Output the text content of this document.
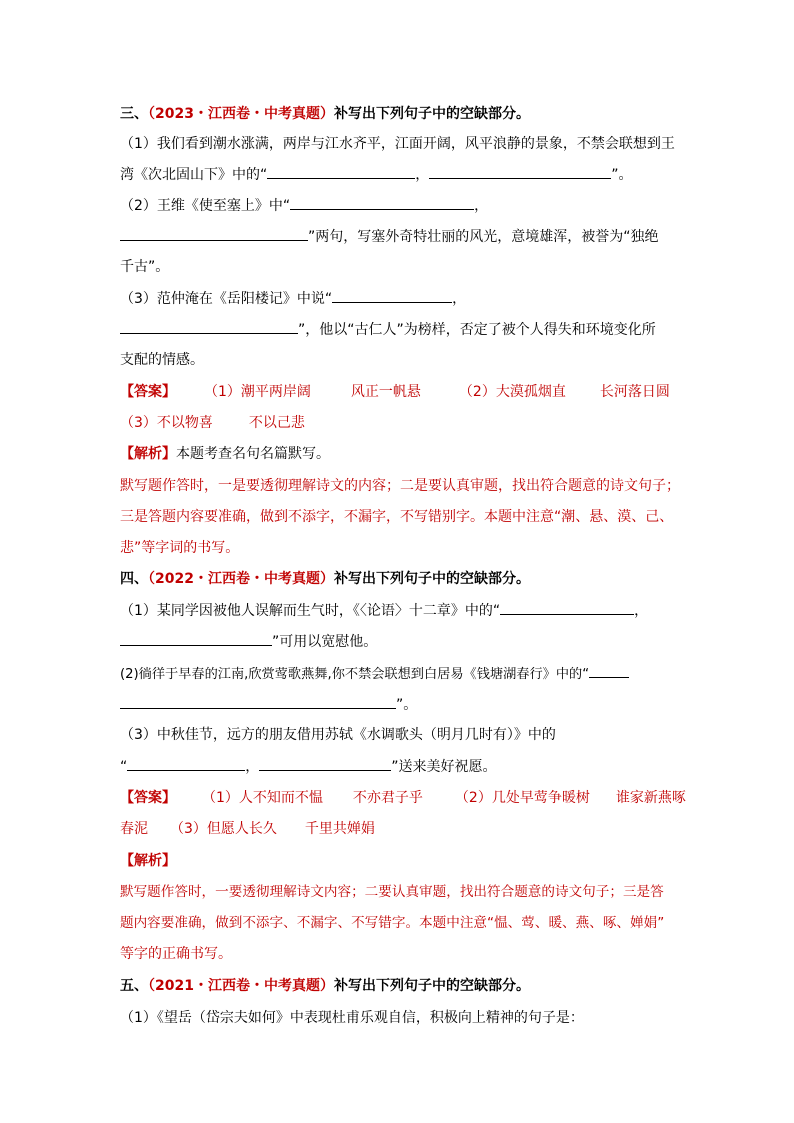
三、（2023・江西卷・中考真题）补写出下列句子中的空缺部分。
（1）我们看到潮水涨满，两岸与江水齐平，江面开阔，风平浪静的景象，不禁会联想到王
湾《次北固山下》中的“	，	”。
（2）王维《使至塞上》中“	，
”两句，写塞外奇特壮丽的风光，意境雄浑，被誉为“独绝
千古”。
（3）范仲淹在《岳阳楼记》中说“	，
”，他以“古仁人”为榜样，否定了被个人得失和环境变化所
支配的情感。
【答案】 （1）潮平两岸阔	风正一帆悬	（2）大漠孤烟直 长河落日圆
（3）不以物喜	不以己悲
【解析】本题考查名句名篇默写。
默写题作答时，一是要透彻理解诗文的内容；二是要认真审题，找出符合题意的诗文句子；
三是答题内容要准确，做到不添字，不漏字，不写错别字。本题中注意“潮、悬、漠、己、
悲”等字词的书写。
四、（2022・江西卷・中考真题）补写出下列句子中的空缺部分。
（1）某同学因被他人误解而生气时，《〈论语〉十二章》中的“	，
”可用以宽慰他。
(2)徜徉于早春的江南,欣赏莺歌燕舞,你不禁会联想到白居易《钱塘湖春行》中的“
”。
（3）中秋佳节，远方的朋友借用苏轼《水调歌头（明月几时有）》中的
“	，	”送来美好祝愿。
【答案】 （1）人不知而不愠 不亦君子乎 （2）几处早莺争暖树 谁家新燕啄
春泥 （3）但愿人长久 千里共婵娟
【解析】
默写题作答时，一要透彻理解诗文内容；二要认真审题，找出符合题意的诗文句子；三是答
题内容要准确，做到不添字、不漏字、不写错字。本题中注意“愠、莺、暖、燕、啄、婵娟”
等字的正确书写。
五、（2021・江西卷・中考真题）补写出下列句子中的空缺部分。
（1）《望岳（岱宗夫如何》中表现杜甫乐观自信，积极向上精神的句子是：
